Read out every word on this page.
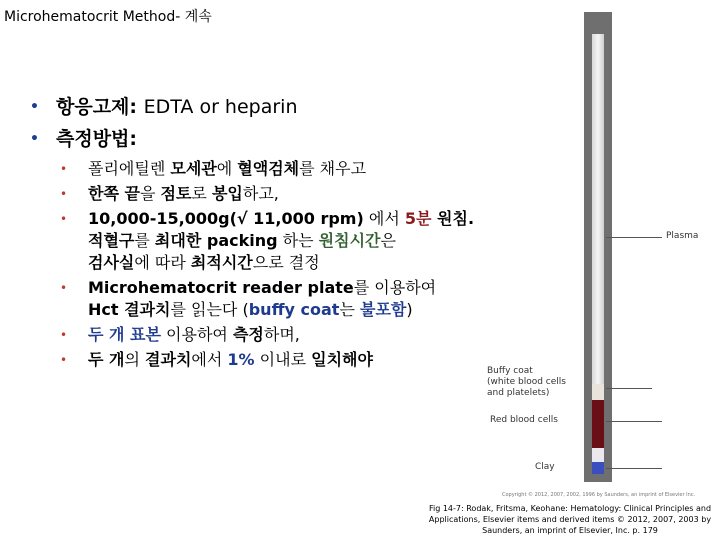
Microhematocrit Method- 계속
• 항응고제: EDTA or heparin
• 측정방법:
• 폴리에틸렌 모세관에 혈액검체를 채우고
• 한쪽 끝을 점토로 봉입하고,
• 10,000-15,000g(√ 11,000 rpm) 에서 5분 원침.
적혈구를 최대한 packing 하는 원침시간은
검사실에 따라 최적시간으로 결정
• Microhematocrit reader plate를 이용하여
Hct 결과치를 읽는다 (buffy coat는 불포함)
• 두 개 표본 이용하여 측정하며,
• 두 개의 결과치에서 1% 이내로 일치해야
Plasma
Buffy coat
(white blood cells
and platelets)
Red blood cells
Clay
Copyright © 2012, 2007, 2002, 1996 by Saunders, an imprint of Elsevier Inc.
Fig 14-7: Rodak, Fritsma, Keohane: Hematology: Clinical Principles and Applications, Elsevier items and derived items © 2012, 2007, 2003 by Saunders, an imprint of Elsevier, Inc. p. 179
